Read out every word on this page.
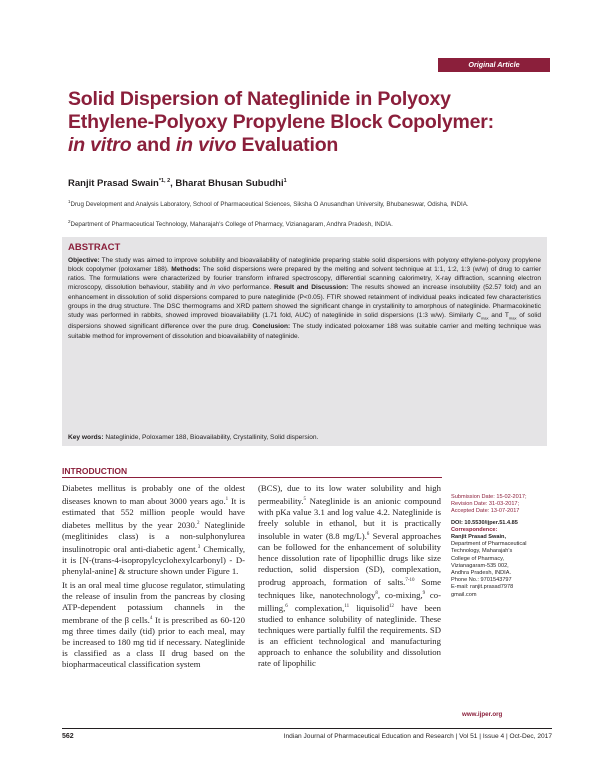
Original Article
Solid Dispersion of Nateglinide in Polyoxy
Ethylene-Polyoxy Propylene Block Copolymer:
in vitro and in vivo Evaluation
Ranjit Prasad Swain$^{*1, 2}$, Bharat Bhusan Subudhi$^1$
$^1$Drug Development and Analysis Laboratory, School of Pharmaceutical Sciences, Siksha O Anusandhan University, Bhubaneswar, Odisha, INDIA.
$^2$Department of Pharmaceutical Technology, Maharajah's College of Pharmacy, Vizianagaram, Andhra Pradesh, INDIA.
ABSTRACT
Objective: The study was aimed to improve solubility and bioavailability of nateglinide preparing stable solid dispersions with polyoxy ethylene-polyoxy propylene block copolymer (poloxamer 188). Methods: The solid dispersions were prepared by the melting and solvent technique at 1:1, 1:2, 1:3 (w/w) of drug to carrier ratios. The formulations were characterized by fourier transform infrared spectroscopy, differential scanning calorimetry, X-ray diffraction, scanning electron microscopy, dissolution behaviour, stability and in vivo performance. Result and Discussion: The results showed an increase insolubility (52.57 fold) and an enhancement in dissolution of solid dispersions compared to pure nateglinide (P<0.05). FTIR showed retainment of individual peaks indicated few characteristics groups in the drug structure. The DSC thermograms and XRD pattern showed the significant change in crystallinity to amorphous of nateglinide. Pharmacokinetic study was performed in rabbits, showed improved bioavailability (1.71 fold, AUC) of nateglinide in solid dispersions (1:3 w/w). Similarly $C_{max}$ and $T_{max}$ of solid dispersions showed significant difference over the pure drug. Conclusion: The study indicated poloxamer 188 was suitable carrier and melting technique was suitable method for improvement of dissolution and bioavailability of nateglinide.
Key words: Nateglinide, Poloxamer 188, Bioavailability, Crystallinity, Solid dispersion.
INTRODUCTION

Diabetes mellitus is probably one of the oldest diseases known to man about 3000 years ago.$^1$ It is estimated that 552 million people would have diabetes mellitus by the year 2030.$^2$ Nateglinide (meglitinides class) is a non-sulphonylurea insulinotropic oral anti-diabetic agent.$^3$ Chemically, it is [N-(trans-4-isopropylcyclohexylcarbonyl) - D-phenylal-anine] & structure shown under Figure 1.

It is an oral meal time glucose regulator, stimulating the release of insulin from the pancreas by closing ATP-dependent potassium channels in the membrane of the β cells.$^4$ It is prescribed as 60-120 mg three times daily (tid) prior to each meal, may be increased to 180 mg tid if necessary. Nateglinide is classified as a class II drug based on the biopharmaceutical classification system

(BCS), due to its low water solubility and high permeability.$^5$ Nateglinide is an anionic compound with pKa value 3.1 and log value 4.2. Nateglinide is freely soluble in ethanol, but it is practically insoluble in water (8.8 mg/L).$^6$ Several approaches can be followed for the enhancement of solubility hence dissolution rate of lipophillic drugs like size reduction, solid dispersion (SD), complexation, prodrug approach, formation of salts.$^{7-10}$ Some techniques like, nanotechnology$^8$, co-mixing,$^9$ co-milling,$^6$ complexation,$^{11}$ liquisolid$^{12}$ have been studied to enhance solubility of nateglinide. These techniques were partially fulfil the requirements. SD is an efficient technological and manufacturing approach to enhance the solubility and dissolution rate of lipophilic

Submission Date: 15-02-2017;
Revision Date: 31-03-2017;
Accepted Date: 13-07-2017
DOI: 10.5530/ijper.51.4.85
Correspondence:
Ranjit Prasad Swain,
Department of Pharmaceutical
Technology, Maharajah's
College of Pharmacy,
Vizianagaram-535 002,
Andhra Pradesh, INDIA.
Phone No.: 9701543797
E-mail: ranjit.prasad7978
gmail.com
www.ijper.org
562	Indian Journal of Pharmaceutical Education and Research | Vol 51 | Issue 4 | Oct-Dec, 2017
